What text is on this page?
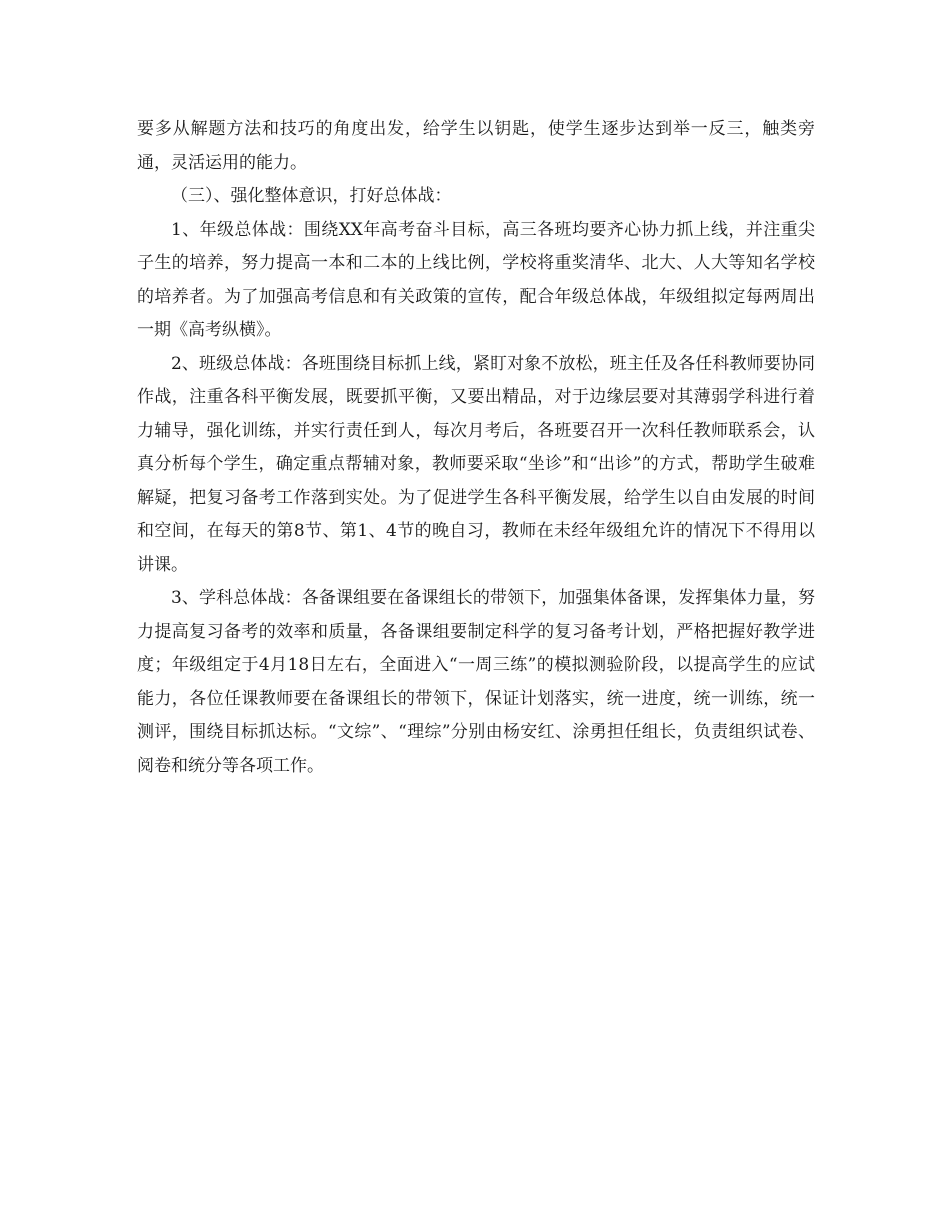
要多从解题方法和技巧的角度出发，给学生以钥匙，使学生逐步达到举一反三，触类旁通，灵活运用的能力。

（三）、强化整体意识，打好总体战：

1、年级总体战：围绕XX年高考奋斗目标，高三各班均要齐心协力抓上线，并注重尖子生的培养，努力提高一本和二本的上线比例，学校将重奖清华、北大、人大等知名学校的培养者。为了加强高考信息和有关政策的宣传，配合年级总体战，年级组拟定每两周出一期《高考纵横》。

2、班级总体战：各班围绕目标抓上线，紧盯对象不放松，班主任及各任科教师要协同作战，注重各科平衡发展，既要抓平衡，又要出精品，对于边缘层要对其薄弱学科进行着力辅导，强化训练，并实行责任到人，每次月考后，各班要召开一次科任教师联系会，认真分析每个学生，确定重点帮辅对象，教师要采取“坐诊”和“出诊”的方式，帮助学生破难解疑，把复习备考工作落到实处。为了促进学生各科平衡发展，给学生以自由发展的时间和空间，在每天的第8节、第1、4节的晚自习，教师在未经年级组允许的情况下不得用以讲课。

3、学科总体战：各备课组要在备课组长的带领下，加强集体备课，发挥集体力量，努力提高复习备考的效率和质量，各备课组要制定科学的复习备考计划，严格把握好教学进度；年级组定于4月18日左右，全面进入“一周三练”的模拟测验阶段，以提高学生的应试能力，各位任课教师要在备课组长的带领下，保证计划落实，统一进度，统一训练，统一测评，围绕目标抓达标。“文综”、“理综”分别由杨安红、涂勇担任组长，负责组织试卷、阅卷和统分等各项工作。
